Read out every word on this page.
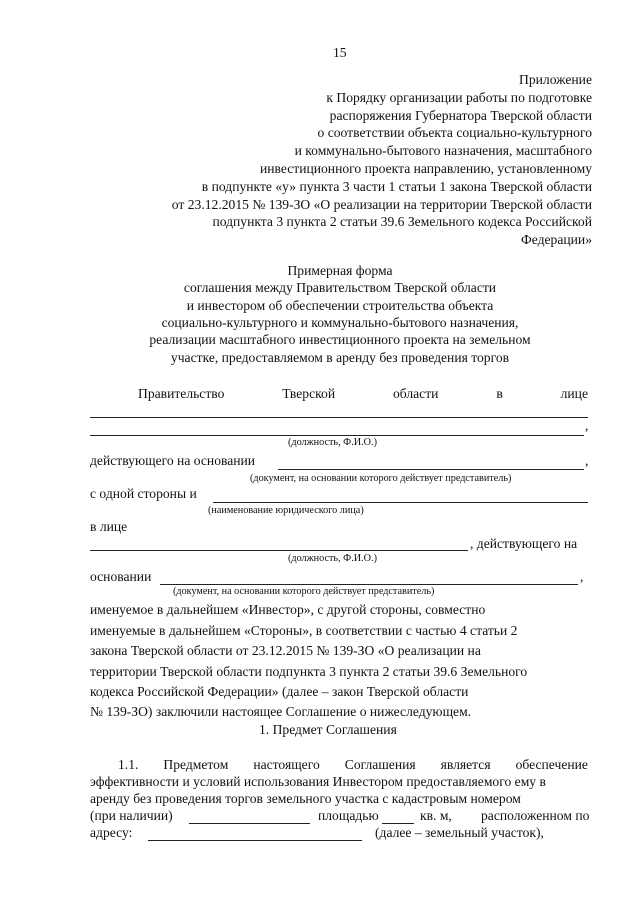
15
Приложение
к Порядку организации работы по подготовке
распоряжения Губернатора Тверской области
о соответствии объекта социально-культурного
и коммунально-бытового назначения, масштабного
инвестиционного проекта направлению, установленному
в подпункте «у» пункта 3 части 1 статьи 1 закона Тверской области
от 23.12.2015 № 139-ЗО «О реализации на территории Тверской области
подпункта 3 пункта 2 статьи 39.6 Земельного кодекса Российской
Федерации»
Примерная форма
соглашения между Правительством Тверской области
и инвестором об обеспечении строительства объекта
социально-культурного и коммунально-бытового назначения,
реализации масштабного инвестиционного проекта на земельном
участке, предоставляемом в аренду без проведения торгов
Правительство	Тверской	области	в	лице
,
(должность, Ф.И.О.)
действующего на основании	,
(документ, на основании которого действует представитель)
с одной стороны и
(наименование юридического лица)
в лице
, действующего на
(должность, Ф.И.О.)
основании	,
(документ, на основании которого действует представитель)
именуемое в дальнейшем «Инвестор», с другой стороны, совместно
именуемые в дальнейшем «Стороны», в соответствии с частью 4 статьи 2
закона Тверской области от 23.12.2015 № 139-ЗО «О реализации на
территории Тверской области подпункта 3 пункта 2 статьи 39.6 Земельного
кодекса Российской Федерации» (далее – закон Тверской области
№ 139-ЗО) заключили настоящее Соглашение о нижеследующем.
1. Предмет Соглашения
1.1. Предметом настоящего Соглашения является обеспечение
эффективности и условий использования Инвестором предоставляемого ему в
аренду без проведения торгов земельного участка с кадастровым номером
(при наличии)	площадью	кв. м, расположенном по
адресу:	(далее – земельный участок),
